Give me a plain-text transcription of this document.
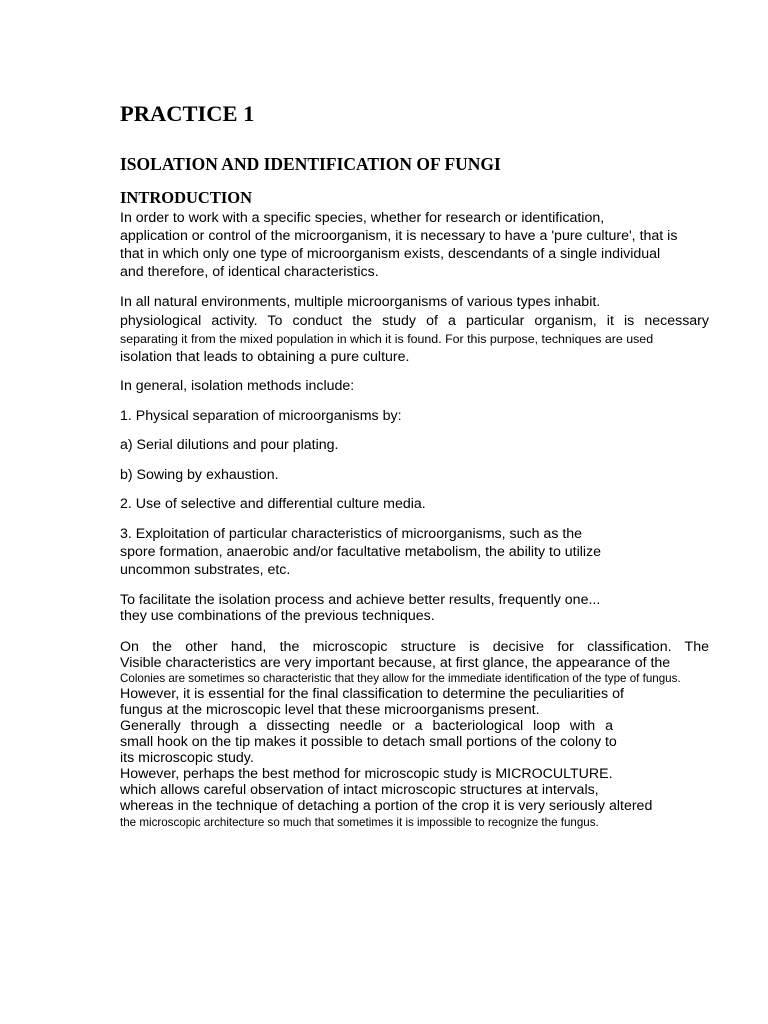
PRACTICE 1
ISOLATION AND IDENTIFICATION OF FUNGI
INTRODUCTION
In order to work with a specific species, whether for research or identification,
application or control of the microorganism, it is necessary to have a 'pure culture', that is
that in which only one type of microorganism exists, descendants of a single individual
and therefore, of identical characteristics.
In all natural environments, multiple microorganisms of various types inhabit.
physiological activity. To conduct the study of a particular organism, it is necessary
separating it from the mixed population in which it is found. For this purpose, techniques are used
isolation that leads to obtaining a pure culture.
In general, isolation methods include:
1. Physical separation of microorganisms by:
a) Serial dilutions and pour plating.
b) Sowing by exhaustion.
2. Use of selective and differential culture media.
3. Exploitation of particular characteristics of microorganisms, such as the
spore formation, anaerobic and/or facultative metabolism, the ability to utilize
uncommon substrates, etc.
To facilitate the isolation process and achieve better results, frequently one...
they use combinations of the previous techniques.
On the other hand, the microscopic structure is decisive for classification. The
Visible characteristics are very important because, at first glance, the appearance of the
Colonies are sometimes so characteristic that they allow for the immediate identification of the type of fungus.
However, it is essential for the final classification to determine the peculiarities of
fungus at the microscopic level that these microorganisms present.
Generally through a dissecting needle or a bacteriological loop with a
small hook on the tip makes it possible to detach small portions of the colony to
its microscopic study.
However, perhaps the best method for microscopic study is MICROCULTURE.
which allows careful observation of intact microscopic structures at intervals,
whereas in the technique of detaching a portion of the crop it is very seriously altered
the microscopic architecture so much that sometimes it is impossible to recognize the fungus.
